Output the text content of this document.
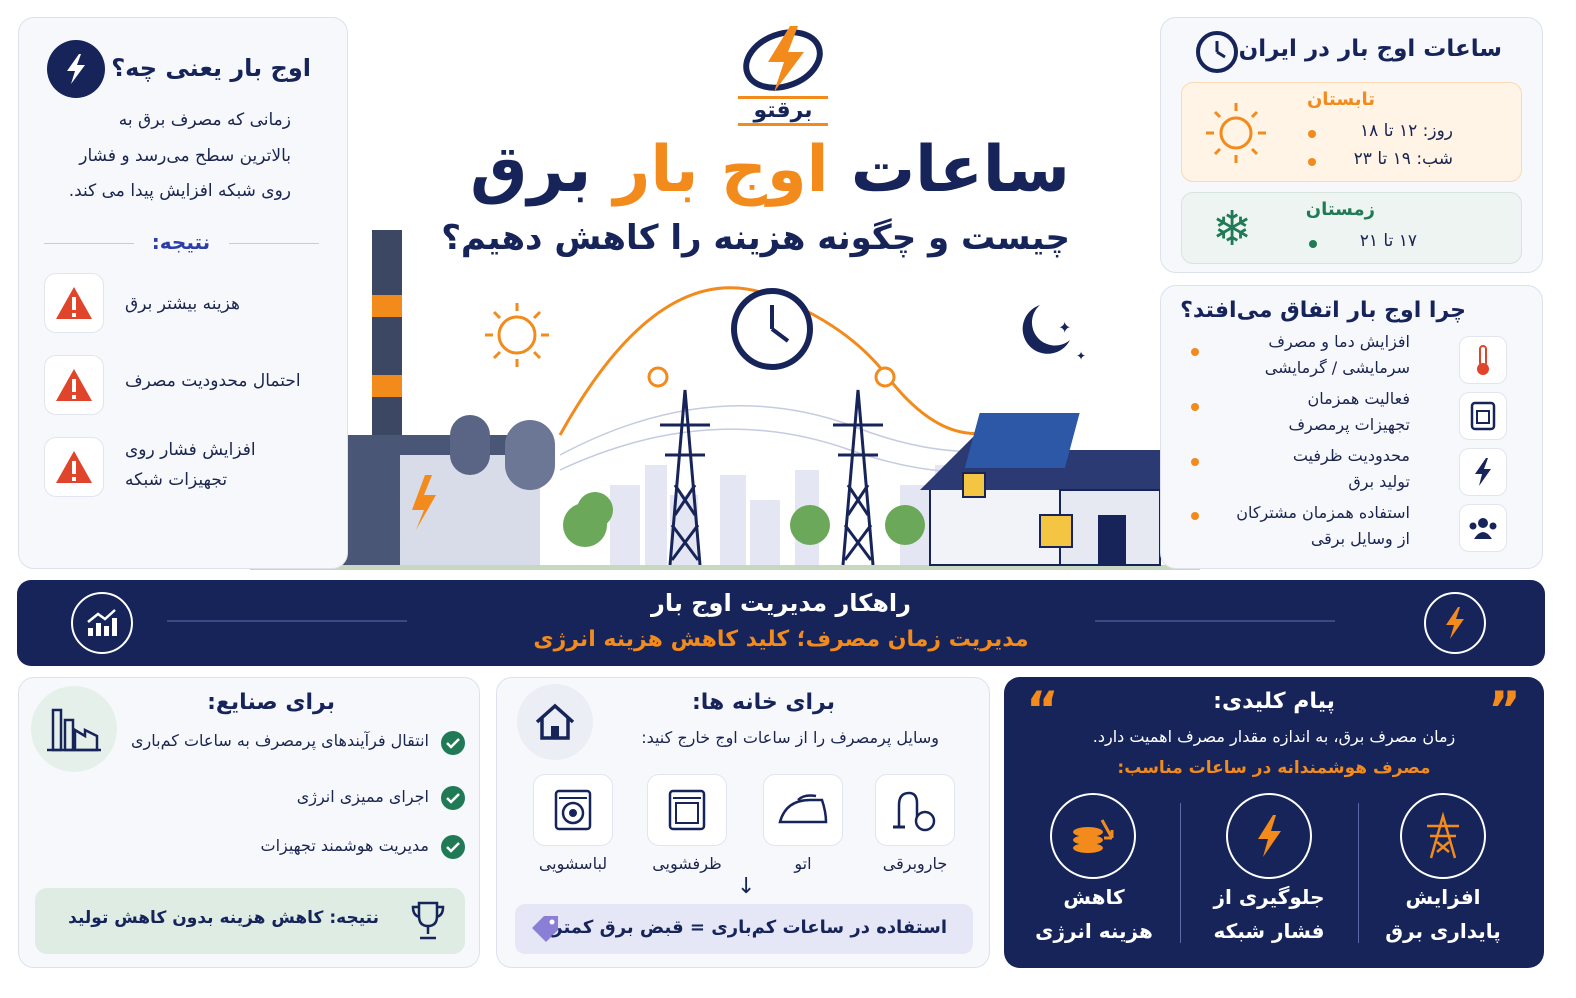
برقتو
ساعات اوج بار برق
چیست و چگونه هزینه را کاهش دهیم؟
✦
✦
اوج بار یعنی چه؟
زمانی که مصرف برق به
بالاترین سطح می‌رسد و فشار
روی شبکه افزایش پیدا می کند.
نتیجه:
هزینه بیشتر برق
احتمال محدودیت مصرف
افزایش فشار روی
تجهیزات شبکه
ساعات اوج بار در ایران
تابستان
روز: ۱۲ تا ۱۸
شب: ۱۹ تا ۲۳
❄	زمستان
۱۷ تا ۲۱
چرا اوج بار اتفاق می‌افتد؟
افزایش دما و مصرف
سرمایشی / گرمایشی
فعالیت همزمان
تجهیزات پرمصرف
محدودیت ظرفیت
تولید برق
استفاده همزمان مشترکان
از وسایل برقی
راهکار مدیریت اوج بار
مدیریت زمان مصرف؛ کلید کاهش هزینه انرژی
برای صنایع:
انتقال فرآیندهای پرمصرف به ساعات کم‌باری
اجرای ممیزی انرژی
مدیریت هوشمند تجهیزات
نتیجه: کاهش هزینه بدون کاهش تولید
برای خانه ها:
وسایل پرمصرف را از ساعات اوج خارج کنید:
لباسشویی	ظرفشویی	اتو	جاروبرقی
↓
استفاده در ساعات کم‌باری = قبض برق کمتر
“	”
پیام کلیدی:
زمان مصرف برق، به اندازه مقدار مصرف اهمیت دارد.
مصرف هوشمندانه در ساعات مناسب:
کاهش
هزینه انرژی
جلوگیری از
فشار شبکه
افزایش
پایداری برق
